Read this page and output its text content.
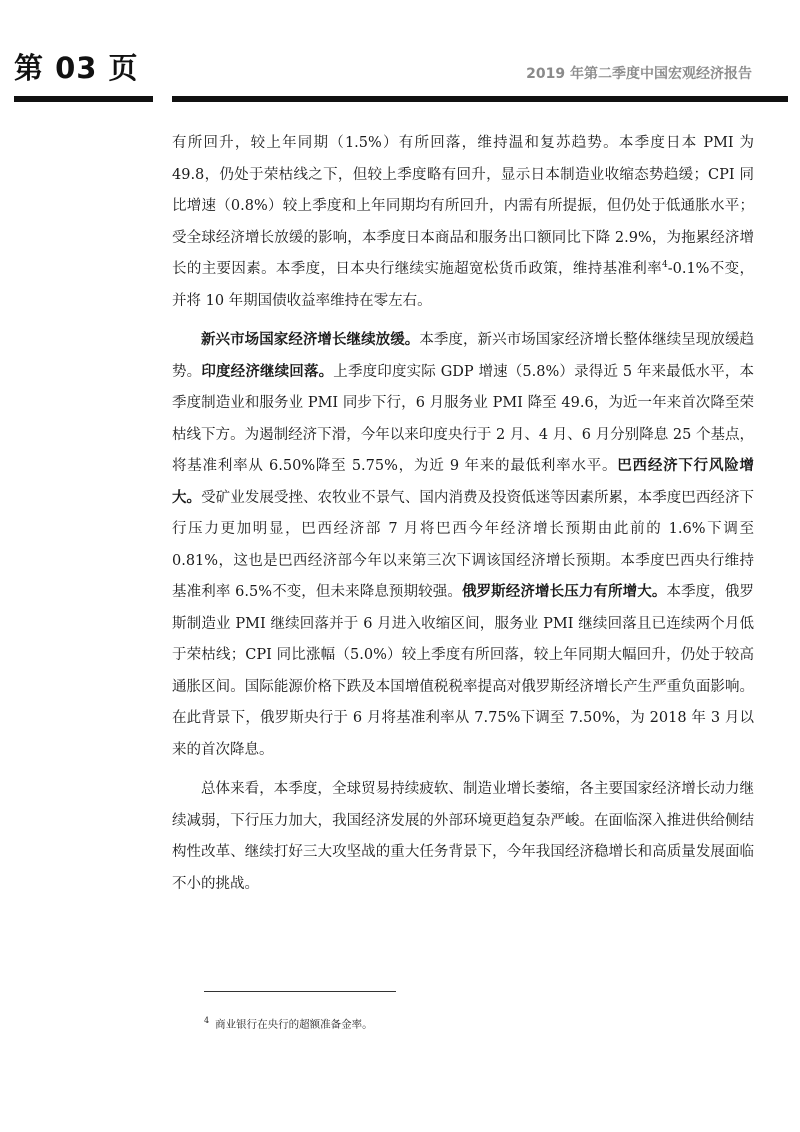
第 03 页	2019 年第二季度中国宏观经济报告

有所回升，较上年同期（1.5%）有所回落，维持温和复苏趋势。本季度日本 PMI 为 49.8，仍处于荣枯线之下，但较上季度略有回升，显示日本制造业收缩态势趋缓；CPI 同比增速（0.8%）较上季度和上年同期均有所回升，内需有所提振，但仍处于低通胀水平；受全球经济增长放缓的影响，本季度日本商品和服务出口额同比下降 2.9%，为拖累经济增长的主要因素。本季度，日本央行继续实施超宽松货币政策，维持基准利率$^4$-0.1%不变，并将 10 年期国债收益率维持在零左右。

新兴市场国家经济增长继续放缓。本季度，新兴市场国家经济增长整体继续呈现放缓趋势。印度经济继续回落。上季度印度实际 GDP 增速（5.8%）录得近 5 年来最低水平，本季度制造业和服务业 PMI 同步下行，6 月服务业 PMI 降至 49.6，为近一年来首次降至荣枯线下方。为遏制经济下滑，今年以来印度央行于 2 月、4 月、6 月分别降息 25 个基点，将基准利率从 6.50%降至 5.75%，为近 9 年来的最低利率水平。巴西经济下行风险增大。受矿业发展受挫、农牧业不景气、国内消费及投资低迷等因素所累，本季度巴西经济下行压力更加明显，巴西经济部 7 月将巴西今年经济增长预期由此前的 1.6%下调至 0.81%，这也是巴西经济部今年以来第三次下调该国经济增长预期。本季度巴西央行维持基准利率 6.5%不变，但未来降息预期较强。俄罗斯经济增长压力有所增大。本季度，俄罗斯制造业 PMI 继续回落并于 6 月进入收缩区间，服务业 PMI 继续回落且已连续两个月低于荣枯线；CPI 同比涨幅（5.0%）较上季度有所回落，较上年同期大幅回升，仍处于较高通胀区间。国际能源价格下跌及本国增值税税率提高对俄罗斯经济增长产生严重负面影响。在此背景下，俄罗斯央行于 6 月将基准利率从 7.75%下调至 7.50%，为 2018 年 3 月以来的首次降息。

总体来看，本季度，全球贸易持续疲软、制造业增长萎缩，各主要国家经济增长动力继续减弱，下行压力加大，我国经济发展的外部环境更趋复杂严峻。在面临深入推进供给侧结构性改革、继续打好三大攻坚战的重大任务背景下，今年我国经济稳增长和高质量发展面临不小的挑战。

$^4$ 商业银行在央行的超额准备金率。
